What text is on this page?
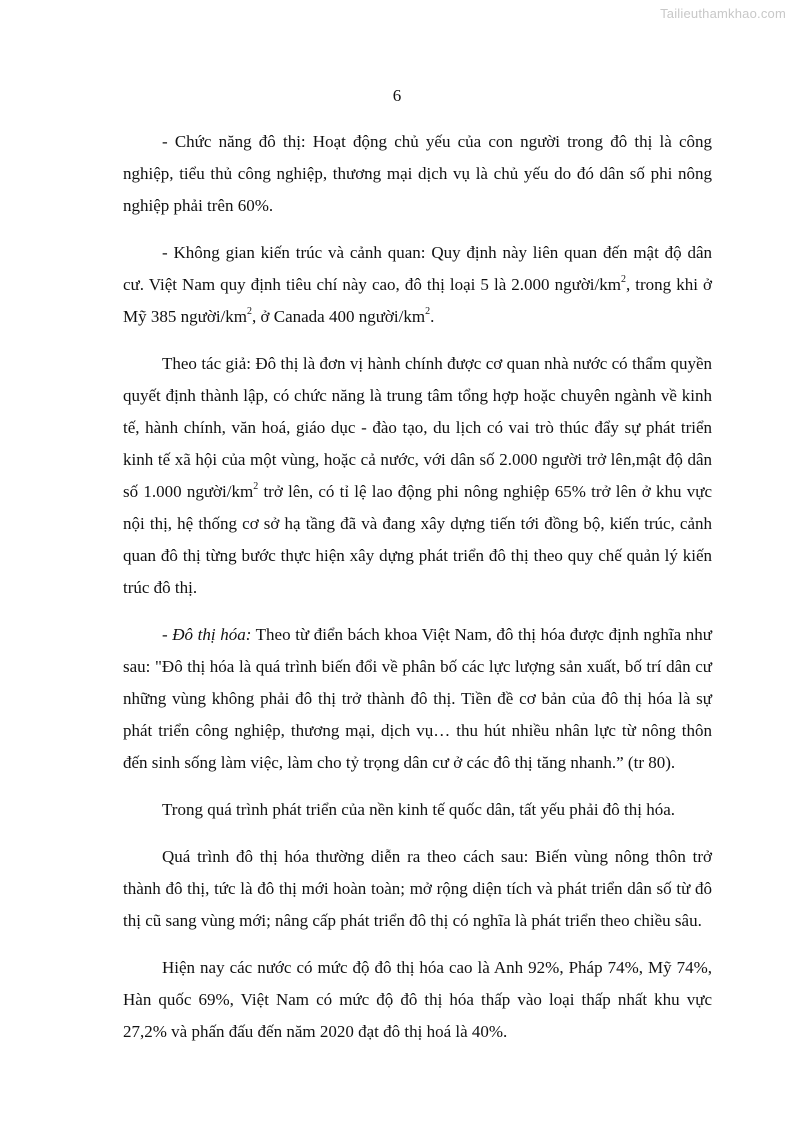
Tailieuthamkhao.com
6

- Chức năng đô thị: Hoạt động chủ yếu của con người trong đô thị là công nghiệp, tiểu thủ công nghiệp, thương mại dịch vụ là chủ yếu do đó dân số phi nông nghiệp phải trên 60%.

- Không gian kiến trúc và cảnh quan: Quy định này liên quan đến mật độ dân cư. Việt Nam quy định tiêu chí này cao, đô thị loại 5 là 2.000 người/$km^2$, trong khi ở Mỹ 385 người/$km^2$, ở Canada 400 người/$km^2$.

Theo tác giả: Đô thị là đơn vị hành chính được cơ quan nhà nước có thẩm quyền quyết định thành lập, có chức năng là trung tâm tổng hợp hoặc chuyên ngành về kinh tế, hành chính, văn hoá, giáo dục - đào tạo, du lịch có vai trò thúc đẩy sự phát triển kinh tế xã hội của một vùng, hoặc cả nước, với dân số 2.000 người trở lên,mật độ dân số 1.000 người/$km^2$ trở lên, có tỉ lệ lao động phi nông nghiệp 65% trở lên ở khu vực nội thị, hệ thống cơ sở hạ tầng đã và đang xây dựng tiến tới đồng bộ, kiến trúc, cảnh quan đô thị từng bước thực hiện xây dựng phát triển đô thị theo quy chế quản lý kiến trúc đô thị.

- Đô thị hóa: Theo từ điển bách khoa Việt Nam, đô thị hóa được định nghĩa như sau: "Đô thị hóa là quá trình biến đổi về phân bố các lực lượng sản xuất, bố trí dân cư những vùng không phải đô thị trở thành đô thị. Tiền đề cơ bản của đô thị hóa là sự phát triển công nghiệp, thương mại, dịch vụ… thu hút nhiều nhân lực từ nông thôn đến sinh sống làm việc, làm cho tỷ trọng dân cư ở các đô thị tăng nhanh.” (tr 80).

Trong quá trình phát triển của nền kinh tế quốc dân, tất yếu phải đô thị hóa.

Quá trình đô thị hóa thường diễn ra theo cách sau: Biến vùng nông thôn trở thành đô thị, tức là đô thị mới hoàn toàn; mở rộng diện tích và phát triển dân số từ đô thị cũ sang vùng mới; nâng cấp phát triển đô thị có nghĩa là phát triển theo chiều sâu.

Hiện nay các nước có mức độ đô thị hóa cao là Anh 92%, Pháp 74%, Mỹ 74%, Hàn quốc 69%, Việt Nam có mức độ đô thị hóa thấp vào loại thấp nhất khu vực 27,2% và phấn đấu đến năm 2020 đạt đô thị hoá là 40%.
